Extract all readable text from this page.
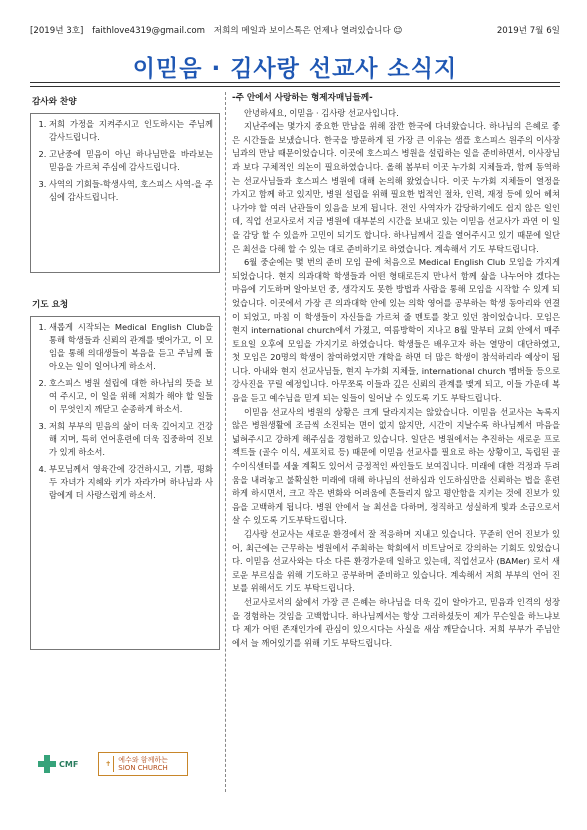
[2019년 3호] faithlove4319@gmail.com 저희의 메일과 보이스톡은 언제나 열려있습니다 ☺	2019년 7월 6일
이믿음 · 김사랑 선교사 소식지
감사와 찬양
1. 저희 가정을 지켜주시고 인도하시는 주님께 감사드립니다.
2. 고난중에 믿음이 아닌 하나님만을 바라보는 믿음을 가르쳐 주심에 감사드립니다.
3. 사역의 기회들-학생사역, 호스피스 사역-을 주심에 감사드립니다.
기도 요청
1. 새롭게 시작되는 Medical English Club을 통해 학생들과 신뢰의 관계를 맺어가고, 이 모임을 통해 의대생들이 복음을 듣고 주님께 돌아오는 일이 일어나게 하소서.
2. 호스피스 병원 설립에 대한 하나님의 뜻을 보여 주시고, 이 일을 위해 저희가 해야 할 일들이 무엇인지 깨닫고 순종하게 하소서.
3. 저희 부부의 믿음의 삶이 더욱 깊어지고 건강해 지며, 특히 언어훈련에 더욱 집중하여 진보가 있게 하소서.
4. 부모님께서 영육간에 강건하시고, 기쁨, 평화 두 자녀가 지혜와 키가 자라가며 하나님과 사람에게 더 사랑스럽게 하소서.
CMF	✝	예수와 함께하는
SION CHURCH
-주 안에서 사랑하는 형제자매님들께-

안녕하세요, 이믿음 · 김사랑 선교사입니다.

지난주에는 몇가지 중요한 만남을 위해 잠깐 한국에 다녀왔습니다. 하나님의 은혜로 좋은 시간들을 보냈습니다. 한국을 방문하게 된 가장 큰 이유는 샘플 호스피스 원주의 이사장님과의 만남 때문이었습니다. 이곳에 호스피스 병원을 설립하는 일을 준비하면서, 이사장님과 보다 구체적인 의논이 필요하였습니다. 올해 봄부터 이곳 누가회 지체들과, 함께 동역하는 선교사님들과 호스피스 병원에 대해 논의해 왔었습니다. 이곳 누가회 지체들이 열정을 가지고 함께 하고 있지만, 병원 설립을 위해 필요한 법적인 절차, 인력, 재정 등에 있어 헤쳐나가야 할 여러 난관들이 있음을 보게 됩니다. 전인 사역자가 감당하기에도 쉽지 않은 일인데, 직업 선교사로서 지금 병원에 대부분의 시간을 보내고 있는 이믿음 선교사가 과연 이 일을 감당 할 수 있을까 고민이 되기도 합니다. 하나님께서 길을 열어주시고 있기 때문에 일단은 최선을 다해 할 수 있는 대로 준비하기로 하였습니다. 계속해서 기도 부탁드립니다.

6월 중순에는 몇 번의 준비 모임 끝에 처음으로 Medical English Club 모임을 가지게 되었습니다. 현지 의과대학 학생들과 어떤 형태로든지 만나서 함께 삶을 나누어야 겠다는 마음에 기도하며 알아보던 중, 생각지도 못한 방법과 사람을 통해 모임을 시작할 수 있게 되었습니다. 이곳에서 가장 큰 의과대학 안에 있는 의학 영어를 공부하는 학생 동아리와 연결이 되었고, 마침 이 학생들이 자신들을 가르쳐 줄 멘토를 찾고 있던 참이었습니다. 모임은 현지 international church에서 가졌고, 여름방학이 지나고 8월 말부터 교회 안에서 매주 토요일 오후에 모임을 가지기로 하였습니다. 학생들은 배우고자 하는 열망이 대단하였고, 첫 모임은 20명의 학생이 참여하였지만 개학을 하면 더 많은 학생이 참석하리라 예상이 됩니다. 아내와 현지 선교사님들, 현지 누가회 지체들, international church 멤버들 등으로 강사진을 꾸릴 예정입니다. 아무쪼록 이들과 깊은 신뢰의 관계를 맺게 되고, 이들 가운데 복음을 듣고 예수님을 믿게 되는 일들이 일어날 수 있도록 기도 부탁드립니다.

이믿음 선교사의 병원의 상황은 크게 달라지지는 않았습니다. 이믿음 선교사는 녹록지 않은 병원생활에 조금씩 소진되는 면이 없지 않지만, 시간이 지날수록 하나님께서 마음을 넓혀주시고 강하게 해주심을 경험하고 있습니다. 일단은 병원에서는 추진하는 새로운 프로젝트들 (골수 이식, 세포치료 등) 때문에 이믿음 선교사를 필요로 하는 상황이고, 독립된 골수이식센터를 세울 계획도 있어서 긍정적인 싸인들도 보여집니다. 미래에 대한 걱정과 두려움을 내려놓고 불확실한 미래에 대해 하나님의 선하심과 인도하심만을 신뢰하는 법을 훈련하게 하시면서, 크고 작은 변화와 어려움에 흔들리지 않고 평안함을 지키는 것에 진보가 있음을 고백하게 됩니다. 병원 안에서 늘 최선을 다하며, 정직하고 성실하게 빛과 소금으로서 살 수 있도록 기도부탁드립니다.

김사랑 선교사는 새로운 환경에서 잘 적응하며 지내고 있습니다. 꾸준히 언어 진보가 있어, 최근에는 근무하는 병원에서 주최하는 학회에서 비트남어로 강의하는 기회도 있었습니다. 이믿음 선교사와는 다소 다른 환경가운데 일하고 있는데, 직업선교사 (BAMer) 로서 새로운 부르심을 위해 기도하고 공부하며 준비하고 있습니다. 계속해서 저희 부부의 언어 진보를 위해서도 기도 부탁드립니다.

선교사로서의 삶에서 가장 큰 은혜는 하나님을 더욱 깊이 알아가고, 믿음과 인격의 성장을 경험하는 것임을 고백합니다. 하나님께서는 항상 그러하셨듯이 제가 무슨일을 하느냐보다 제가 어떤 존재인가에 관심이 있으시다는 사실을 새삼 깨닫습니다. 저희 부부가 주님안에서 늘 깨어있기를 위해 기도 부탁드립니다.
